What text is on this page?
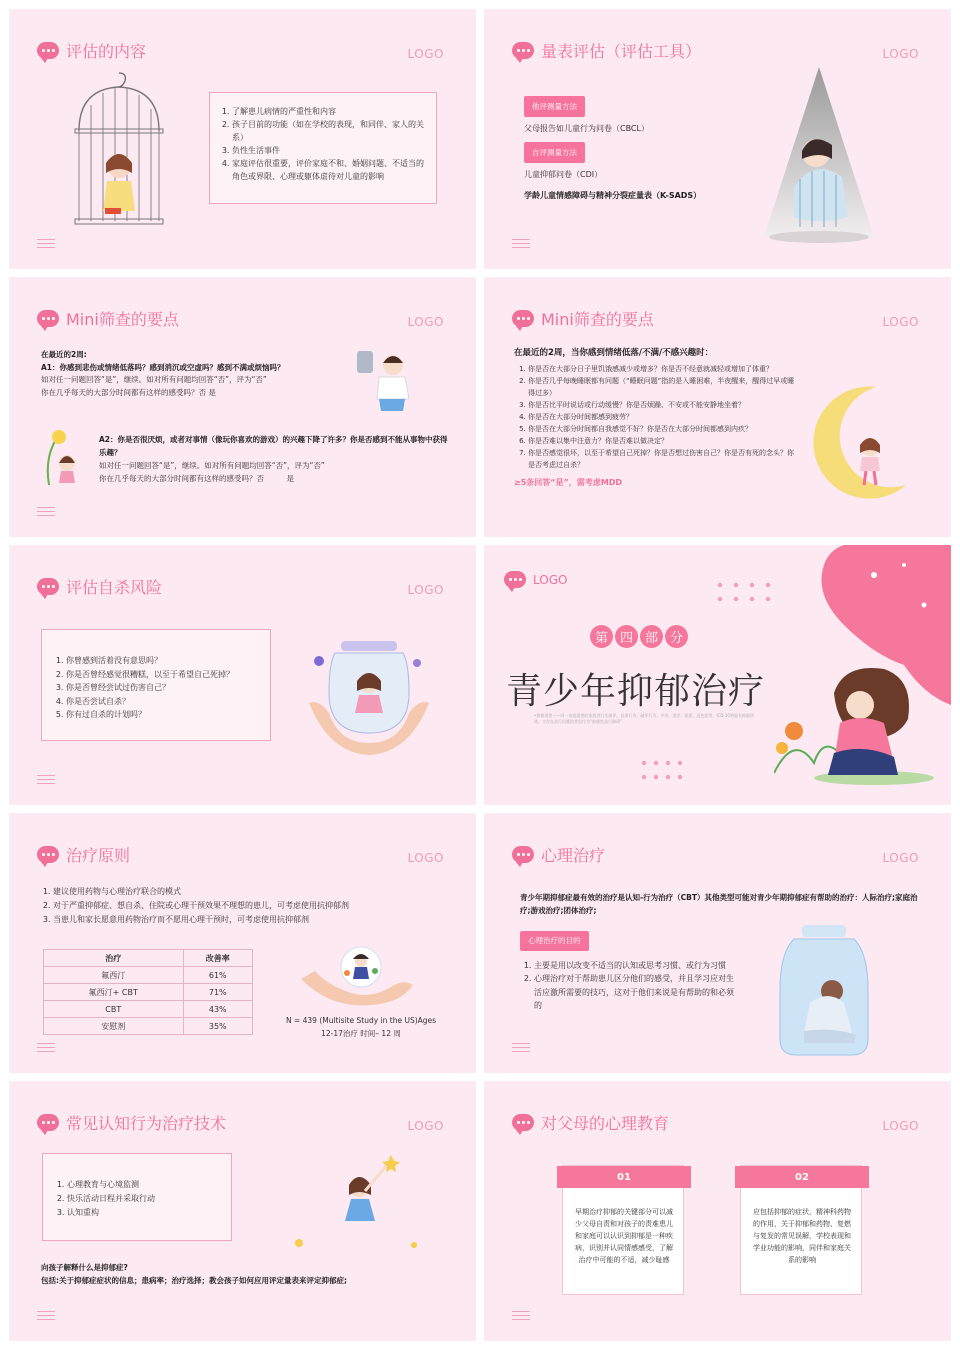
评估的内容	LOGO
1. 了解患儿病情的严重性和内容
2. 孩子目前的功能（如在学校的表现，和同伴、家人的关系）
3. 负性生活事件
4. 家庭评估很重要，评价家庭不和、婚姻问题、不适当的角色或界限、心理或躯体虐待对儿童的影响
量表评估（评估工具）	LOGO
他评测量方法
父母报告如儿童行为问卷（CBCL）
自评测量方法
儿童抑郁问卷（CDI）
学龄儿童情感障碍与精神分裂症量表（K-SADS）
Mini筛查的要点	LOGO
在最近的2周:
A1：你感到悲伤或情绪低落吗？感到消沉或空虚吗？感到不满或烦恼吗？
如对任一问题回答“是”，继续。如对所有问题均回答“否”，评为“否”
你在几乎每天的大部分时间都有这样的感受吗？否 是
A2：你是否很厌烦，或者对事情（像玩你喜欢的游戏）的兴趣下降了许多？你是否感到不能从事物中获得乐趣？
如对任一问题回答“是”，继续。如对所有问题均回答“否”，评为“否”
你在几乎每天的大部分时间都有这样的感受吗？否　　　是
Mini筛查的要点	LOGO
在最近的2周，当你感到情绪低落/不满/不感兴趣时：
1. 你是否在大部分日子里饥饿感减少或增多？你是否不经意就减轻或增加了体重？
2. 你是否几乎每晚睡眠都有问题（“睡眠问题”指的是入睡困难，半夜醒来，醒得过早或睡得过多）
3. 你是否比平时说话或行动缓慢？你是否烦躁、不安或不能安静地坐着？
4. 你是否在大部分时间都感到疲劳？
5. 你是否在大部分时间都自我感觉不好？你是否在大部分时间都感到内疚？
6. 你是否难以集中注意力？你是否难以做决定？
7. 你是否感觉很坏，以至于希望自己死掉？你是否想过伤害自己？你是否有死的念头？你是否考虑过自杀？
≥5条回答“是”，需考虑MDD
评估自杀风险	LOGO
1. 你曾感到活着没有意思吗？
2. 你是否曾经感觉很糟糕，以至于希望自己死掉？
3. 你是否曾经尝试过伤害自己？
4. 你是否尝试自杀？
5. 你有过自杀的计划吗？
LOGO
第 四 部 分
青少年抑郁治疗
•抑郁类型——同一家庭需要的家庭进行先辩评、自杀行为、破坏行为、多动、违学、误恶、逗色症等，ICD-10将服有抑郁情绪，又存在品行问题的类型作为“抑郁性品行障碍”
治疗原则	LOGO
1. 建议使用药物与心理治疗联合的模式
2. 对于严重抑郁症、想自杀、住院或心理干预效果不理想的患儿，可考虑使用抗抑郁剂
3. 当患儿和家长愿意用药物治疗而不愿用心理干预时，可考虑使用抗抑郁剂
治疗	改善率
氟西汀	61%
氟西汀+ CBT	71%
CBT	43%
安慰剂	35%
N = 439 (Multisite Study in the US)Ages
12-17治疗 时间– 12 周
心理治疗	LOGO
青少年期抑郁症最有效的治疗是认知-行为治疗（CBT）其他类型可能对青少年期抑郁症有帮助的治疗：人际治疗;家庭治疗;游戏治疗;团体治疗;
心理治疗的目的
1. 主要是用以改变不适当的认知或思考习惯、或行为习惯
2. 心理治疗对于帮助患儿区分他们的感受，并且学习应对生活应激所需要的技巧，这对于他们来说是有帮助的和必须的
常见认知行为治疗技术	LOGO
1. 心理教育与心境监测
2. 快乐活动日程并采取行动
3. 认知重构
向孩子解释什么是抑郁症?
包括:关于抑郁症症状的信息；患病率；治疗选择；教会孩子如何应用评定量表来评定抑郁症;
对父母的心理教育	LOGO
01
早期治疗抑郁的关键部分可以减少父母自责和对孩子的责难患儿和家庭可以认识到抑郁是一种疾病，识别并认同情感感受，了解治疗中可能的不适，减少耻感
02
应包括抑郁的症状，精神科药物的作用，关于抑郁和药物、复燃与复发的常见误解，学校表现和学业功能的影响，同伴和家庭关系的影响
